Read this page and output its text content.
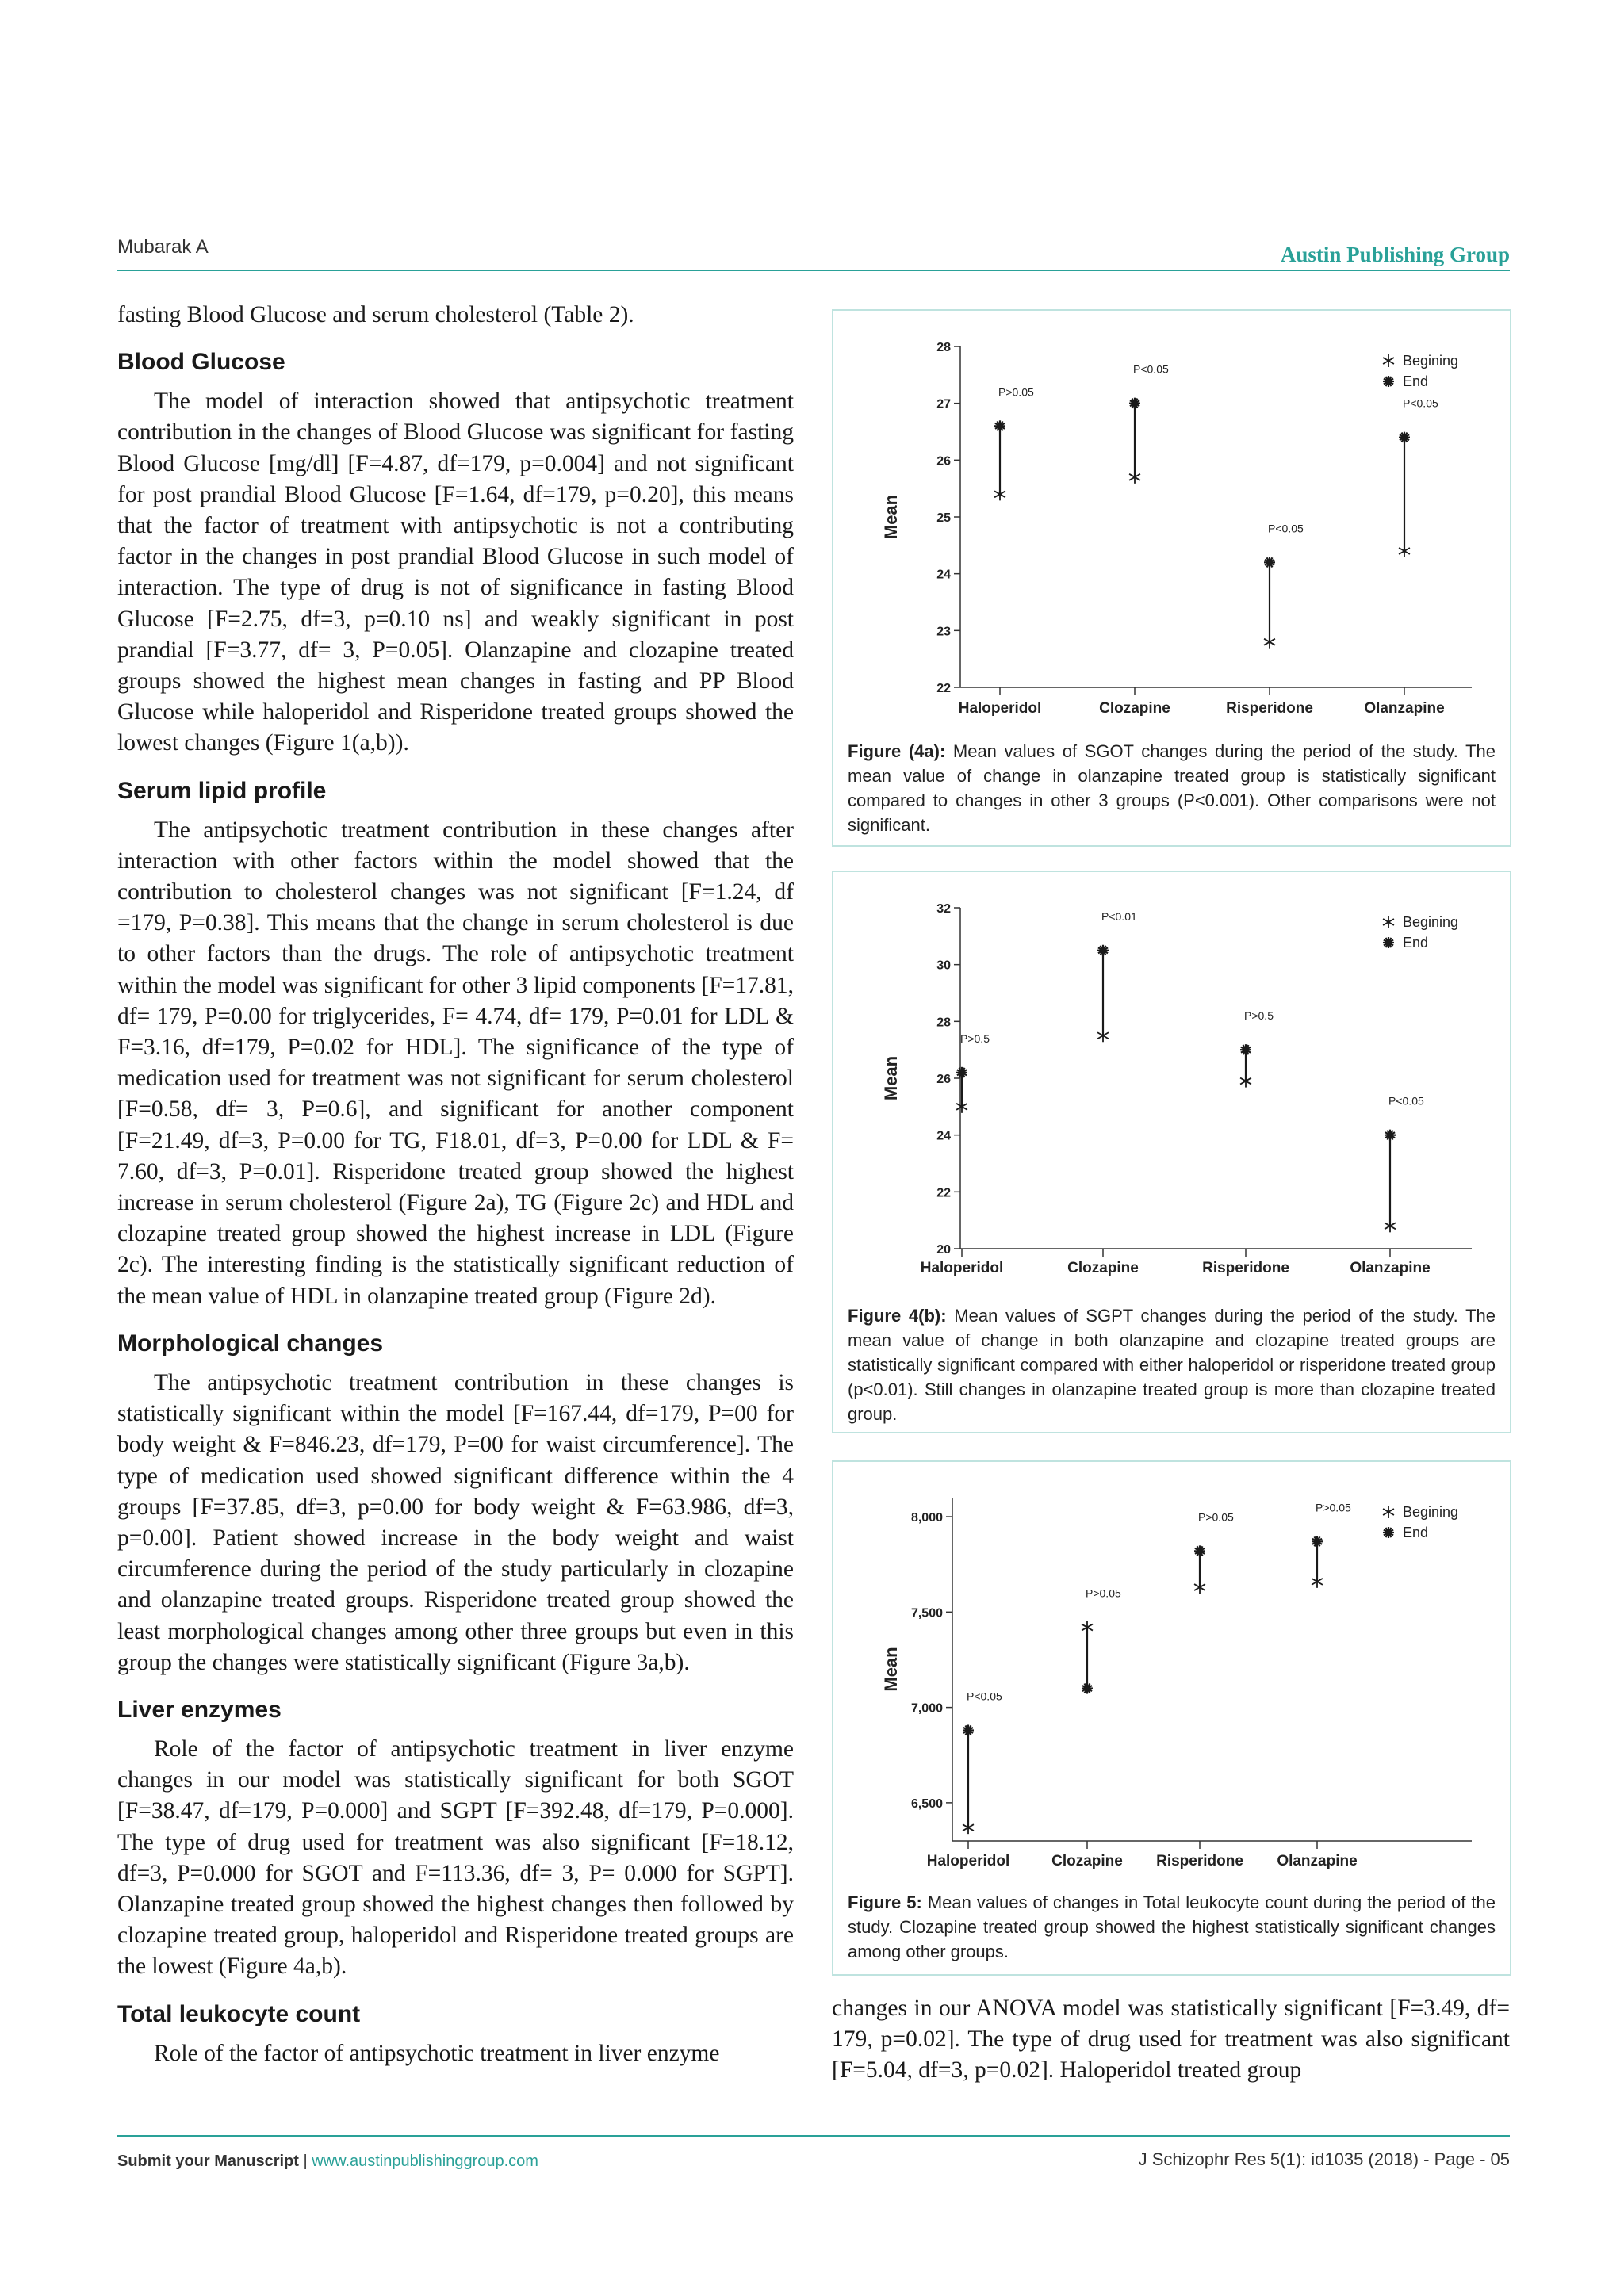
Mubarak A	Austin Publishing Group

fasting Blood Glucose and serum cholesterol (Table 2).

Blood Glucose

The model of interaction showed that antipsychotic treatment contribution in the changes of Blood Glucose was significant for fasting Blood Glucose [mg/dl] [F=4.87, df=179, p=0.004] and not significant for post prandial Blood Glucose [F=1.64, df=179, p=0.20], this means that the factor of treatment with antipsychotic is not a contributing factor in the changes in post prandial Blood Glucose in such model of interaction. The type of drug is not of significance in fasting Blood Glucose [F=2.75, df=3, p=0.10 ns] and weakly significant in post prandial [F=3.77, df= 3, P=0.05]. Olanzapine and clozapine treated groups showed the highest mean changes in fasting and PP Blood Glucose while haloperidol and Risperidone treated groups showed the lowest changes (Figure 1(a,b)).

Serum lipid profile

The antipsychotic treatment contribution in these changes after interaction with other factors within the model showed that the contribution to cholesterol changes was not significant [F=1.24, df =179, P=0.38]. This means that the change in serum cholesterol is due to other factors than the drugs. The role of antipsychotic treatment within the model was significant for other 3 lipid components [F=17.81, df= 179, P=0.00 for triglycerides, F= 4.74, df= 179, P=0.01 for LDL & F=3.16, df=179, P=0.02 for HDL]. The significance of the type of medication used for treatment was not significant for serum cholesterol [F=0.58, df= 3, P=0.6], and significant for another component [F=21.49, df=3, P=0.00 for TG, F18.01, df=3, P=0.00 for LDL & F= 7.60, df=3, P=0.01]. Risperidone treated group showed the highest increase in serum cholesterol (Figure 2a), TG (Figure 2c) and HDL and clozapine treated group showed the highest increase in LDL (Figure 2c). The interesting finding is the statistically significant reduction of the mean value of HDL in olanzapine treated group (Figure 2d).

Morphological changes

The antipsychotic treatment contribution in these changes is statistically significant within the model [F=167.44, df=179, P=00 for body weight & F=846.23, df=179, P=00 for waist circumference]. The type of medication used showed significant difference within the 4 groups [F=37.85, df=3, p=0.00 for body weight & F=63.986, df=3, p=0.00]. Patient showed increase in the body weight and waist circumference during the period of the study particularly in clozapine and olanzapine treated groups. Risperidone treated group showed the least morphological changes among other three groups but even in this group the changes were statistically significant (Figure 3a,b).

Liver enzymes

Role of the factor of antipsychotic treatment in liver enzyme changes in our model was statistically significant for both SGOT [F=38.47, df=179, P=0.000] and SGPT [F=392.48, df=179, P=0.000]. The type of drug used for treatment was also significant [F=18.12, df=3, P=0.000 for SGOT and F=113.36, df= 3, P= 0.000 for SGPT]. Olanzapine treated group showed the highest changes then followed by clozapine treated group, haloperidol and Risperidone treated groups are the lowest (Figure 4a,b).

Total leukocyte count

Role of the factor of antipsychotic treatment in liver enzyme

22
23
24
25
26
27
28
Mean
Haloperidol
P>0.05
Clozapine
P<0.05
Risperidone
P<0.05
Olanzapine
P<0.05
Begining
End
Figure (4a): Mean values of SGOT changes during the period of the study. The mean value of change in olanzapine treated group is statistically significant compared to changes in other 3 groups (P<0.001). Other comparisons were not significant.
20
22
24
26
28
30
32
Mean
Haloperidol
P>0.5
Clozapine
P<0.01
Risperidone
P>0.5
Olanzapine
P<0.05
Begining
End
Figure 4(b): Mean values of SGPT changes during the period of the study. The mean value of change in both olanzapine and clozapine treated groups are statistically significant compared with either haloperidol or risperidone treated group (p<0.01). Still changes in olanzapine treated group is more than clozapine treated group.
6,500
7,000
7,500
8,000
Mean
Haloperidol
P<0.05
Clozapine
P>0.05
Risperidone
P>0.05
Olanzapine
P>0.05	Begining
End
Figure 5: Mean values of changes in Total leukocyte count during the period of the study. Clozapine treated group showed the highest statistically significant changes among other groups.

changes in our ANOVA model was statistically significant [F=3.49, df= 179, p=0.02]. The type of drug used for treatment was also significant [F=5.04, df=3, p=0.02]. Haloperidol treated group

Submit your Manuscript | www.austinpublishinggroup.com	J Schizophr Res 5(1): id1035 (2018) - Page - 05
